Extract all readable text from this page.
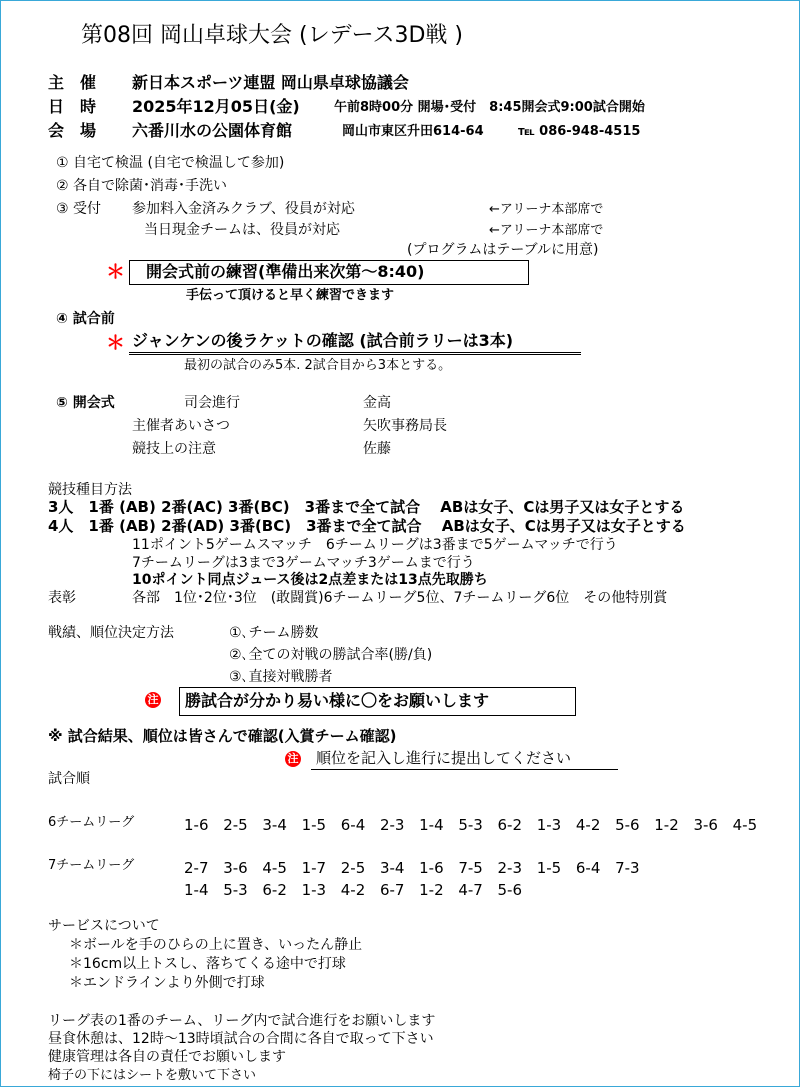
第08回 岡山卓球大会 (レデース3D戦 )
主　催 新日本スポーツ連盟 岡山県卓球協議会
日　時 2025年12月05日(金)	午前8時00分 開場･受付　8:45開会式9:00試合開始
会　場 六番川水の公園体育館	岡山市東区升田614-64	℡ 086-948-4515
① 自宅て検温 (自宅で検温して参加)
② 各自で除菌･消毒･手洗い
③ 受付 参加料入金済みクラブ、役員が対応	←アリーナ本部席で
当日現金チームは、役員が対応	←アリーナ本部席で
(プログラムはテーブルに用意)
＊ 開会式前の練習(準備出来次第～8:40)
手伝って頂けると早く練習できます
④ 試合前
＊ ジャンケンの後ラケットの確認 (試合前ラリーは3本)
最初の試合のみ5本. 2試合目から3本とする。
⑤ 開会式	司会進行	金高
主催者あいさつ	矢吹事務局長
競技上の注意	佐藤
競技種目方法
3人　1番 (AB) 2番(AC) 3番(BC)　3番まで全て試合　 ABは女子、Cは男子又は女子とする
4人　1番 (AB) 2番(AD) 3番(BC)　3番まで全て試合　 ABは女子、Cは男子又は女子とする
11ポイント5ゲームスマッチ　6チームリーグは3番まで5ゲームマッチで行う
7チームリーグは3まで3ゲームマッチ3ゲームまで行う
10ポイント同点ジュース後は2点差または13点先取勝ち
表彰	各部　1位･2位･3位　(敢闘賞)6チームリーグ5位、7チームリーグ6位　その他特別賞
戦績、順位決定方法	①､チーム勝数
②､全ての対戦の勝試合率(勝/負)
③､直接対戦勝者
注 勝試合が分かり易い様に〇をお願いします
※ 試合結果、順位は皆さんで確認(入賞チーム確認)
注 順位を記入し進行に提出してください
試合順
6チームリーグ	1-6 2-5 3-4 1-5 6-4 2-3 1-4 5-3 6-2 1-3 4-2 5-6 1-2 3-6 4-5
7チームリーグ	2-7 3-6 4-5 1-7 2-5 3-4 1-6 7-5 2-3 1-5 6-4 7-3
1-4 5-3 6-2 1-3 4-2 6-7 1-2 4-7 5-6
サービスについて
＊ボールを手のひらの上に置き、いったん静止
＊16cm以上トスし、落ちてくる途中で打球
＊エンドラインより外側で打球
リーグ表の1番のチーム、リーグ内で試合進行をお願いします
昼食休憩は、12時～13時頃試合の合間に各自で取って下さい
健康管理は各自の責任でお願いします
椅子の下にはシートを敷いて下さい
